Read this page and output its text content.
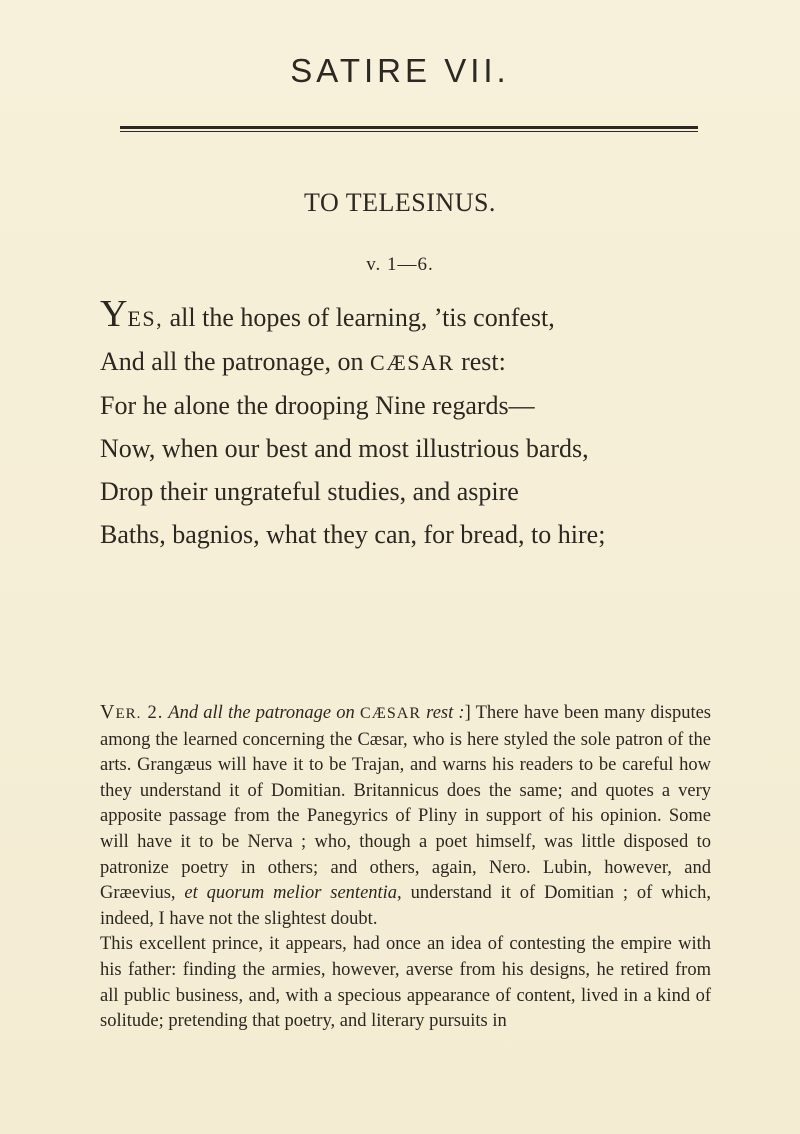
SATIRE VII.
TO TELESINUS.
v. 1—6.
YES, all the hopes of learning, ’tis confest,
And all the patronage, on CÆSAR rest:
For he alone the drooping Nine regards—
Now, when our best and most illustrious bards,
Drop their ungrateful studies, and aspire
Baths, bagnios, what they can, for bread, to hire;

VER. 2. And all the patronage on CÆSAR rest :] There have been many disputes among the learned concerning the Cæsar, who is here styled the sole patron of the arts. Grangæus will have it to be Trajan, and warns his readers to be careful how they understand it of Domitian. Britannicus does the same; and quotes a very apposite passage from the Panegyrics of Pliny in support of his opinion. Some will have it to be Nerva ; who, though a poet himself, was little disposed to patronize poetry in others; and others, again, Nero. Lubin, however, and Græevius, et quorum melior sententia, understand it of Domitian ; of which, indeed, I have not the slightest doubt.

This excellent prince, it appears, had once an idea of contesting the empire with his father: finding the armies, however, averse from his designs, he retired from all public business, and, with a specious appearance of content, lived in a kind of solitude; pretending that poetry, and literary pursuits in
